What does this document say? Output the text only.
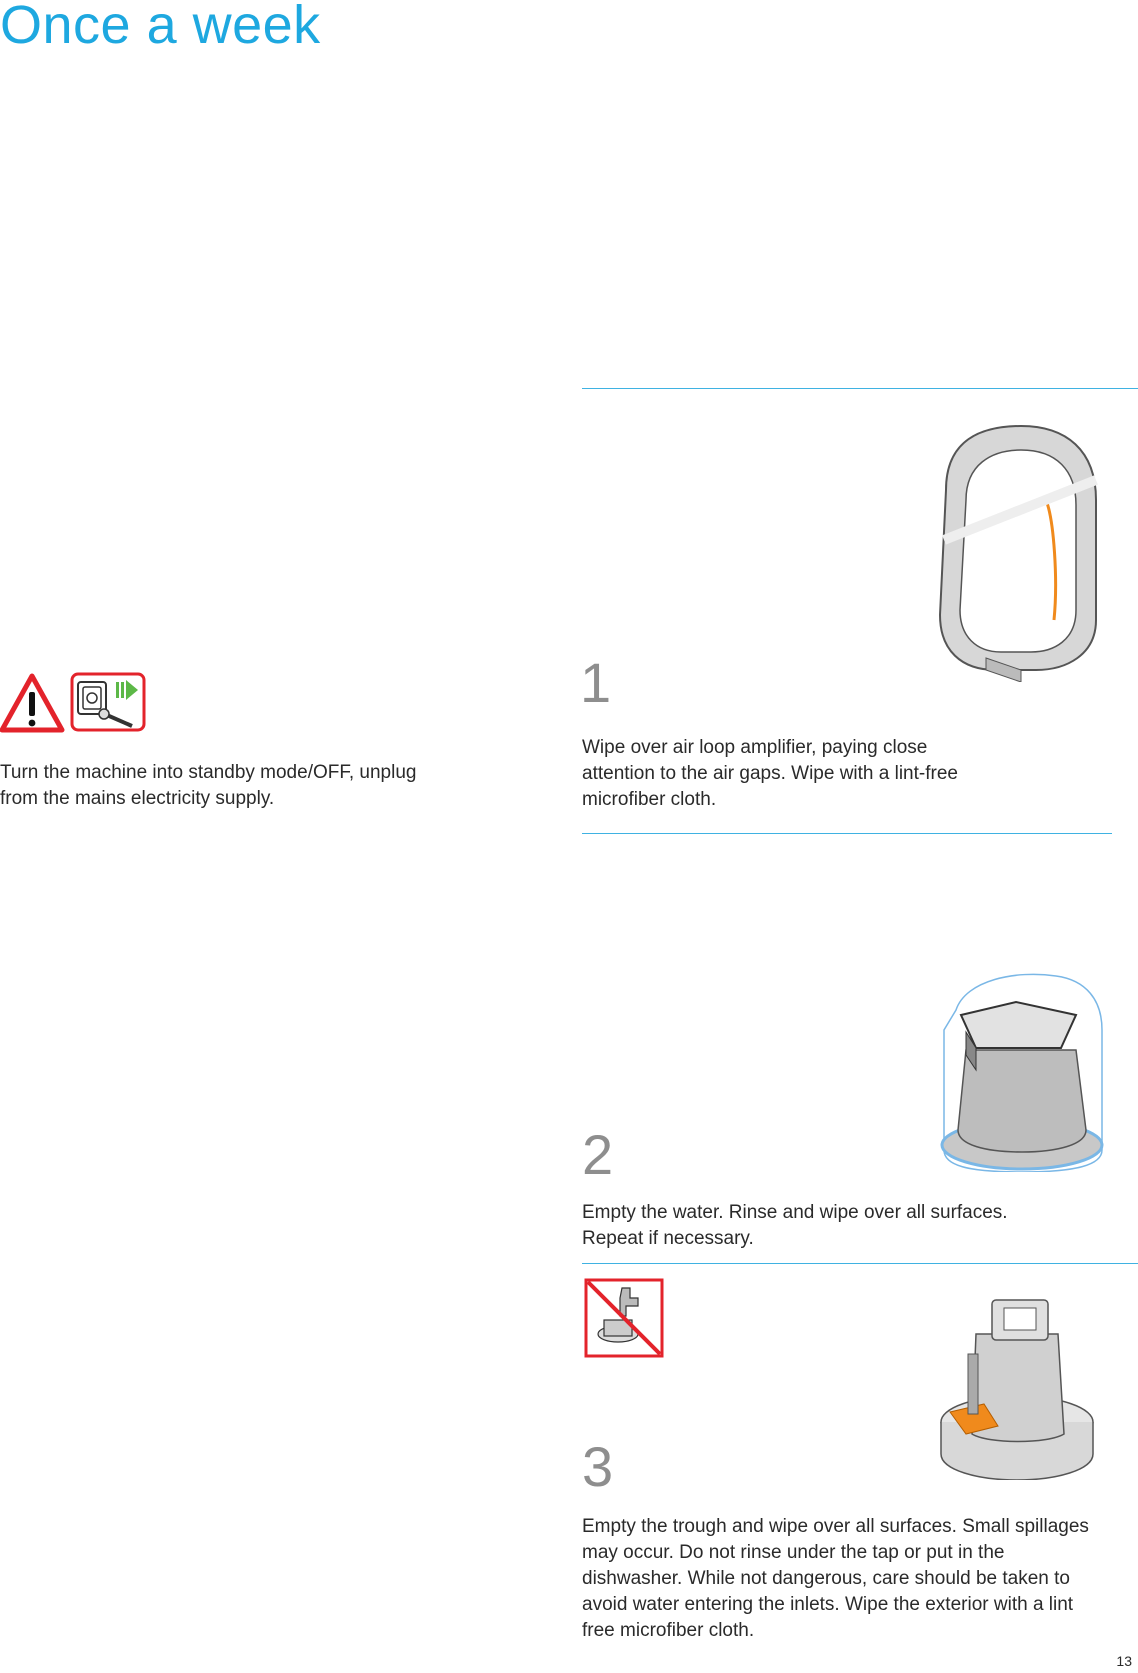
Once a week

Turn the machine into standby mode/OFF, unplug from the mains electricity supply.

1

Wipe over air loop amplifier, paying close attention to the air gaps. Wipe with a lint-free microfiber cloth.

2

Empty the water. Rinse and wipe over all surfaces. Repeat if necessary.

3

Empty the trough and wipe over all surfaces. Small spillages may occur. Do not rinse under the tap or put in the dishwasher. While not dangerous, care should be taken to avoid water entering the inlets. Wipe the exterior with a lint free microfiber cloth.

13
